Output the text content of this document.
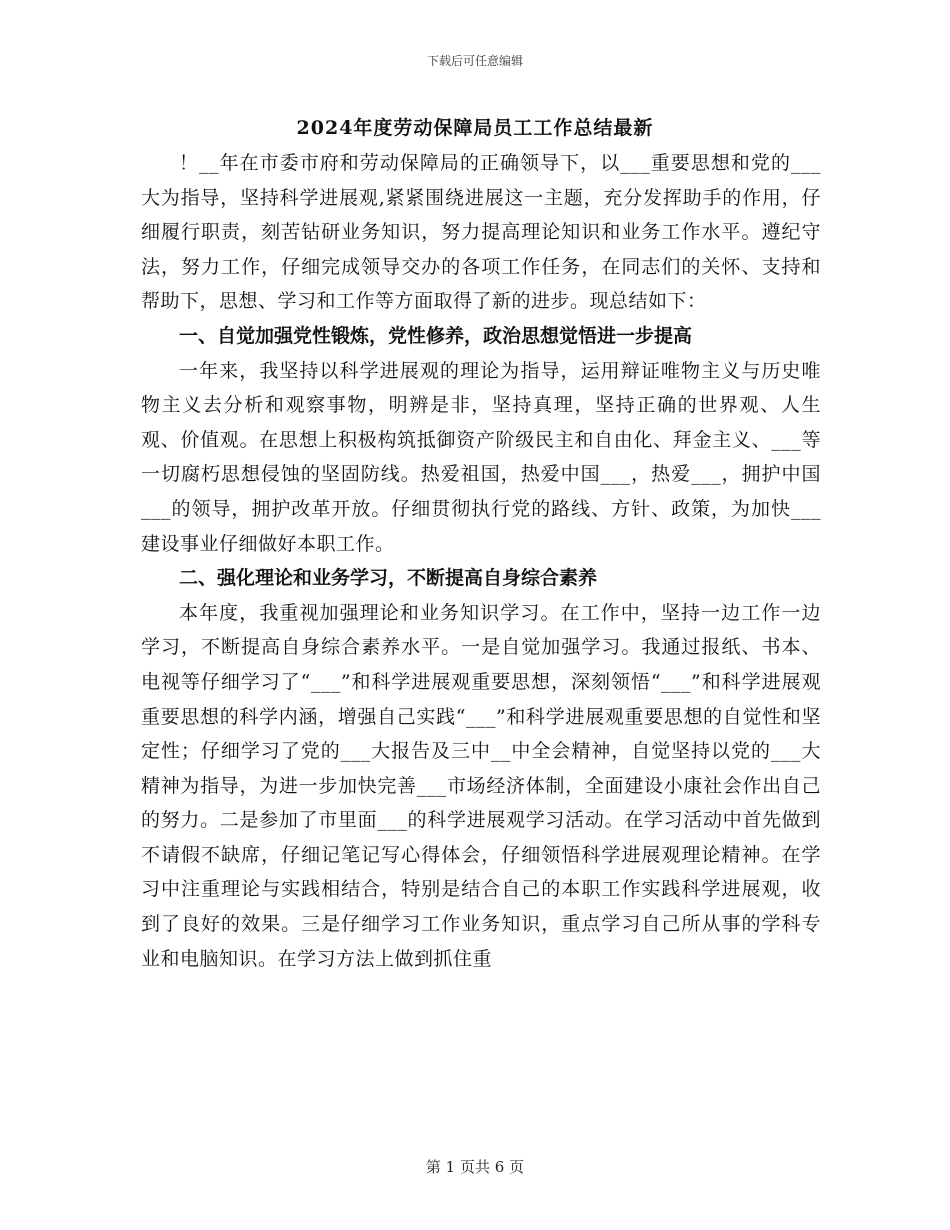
下载后可任意编辑
2024年度劳动保障局员工工作总结最新

！__年在市委市府和劳动保障局的正确领导下，以___重要思想和党的___大为指导，坚持科学进展观,紧紧围绕进展这一主题，充分发挥助手的作用，仔细履行职责，刻苦钻研业务知识，努力提高理论知识和业务工作水平。遵纪守法，努力工作，仔细完成领导交办的各项工作任务，在同志们的关怀、支持和帮助下，思想、学习和工作等方面取得了新的进步。现总结如下：

一、自觉加强党性锻炼，党性修养，政治思想觉悟进一步提高

一年来，我坚持以科学进展观的理论为指导，运用辩证唯物主义与历史唯物主义去分析和观察事物，明辨是非，坚持真理，坚持正确的世界观、人生观、价值观。在思想上积极构筑抵御资产阶级民主和自由化、拜金主义、___等一切腐朽思想侵蚀的坚固防线。热爱祖国，热爱中国___，热爱___，拥护中国___的领导，拥护改革开放。仔细贯彻执行党的路线、方针、政策，为加快___建设事业仔细做好本职工作。

二、强化理论和业务学习，不断提高自身综合素养

本年度，我重视加强理论和业务知识学习。在工作中，坚持一边工作一边学习，不断提高自身综合素养水平。一是自觉加强学习。我通过报纸、书本、电视等仔细学习了“___”和科学进展观重要思想，深刻领悟“___”和科学进展观重要思想的科学内涵，增强自己实践“___”和科学进展观重要思想的自觉性和坚定性；仔细学习了党的___大报告及三中__中全会精神，自觉坚持以党的___大精神为指导，为进一步加快完善___市场经济体制，全面建设小康社会作出自己的努力。二是参加了市里面___的科学进展观学习活动。在学习活动中首先做到不请假不缺席，仔细记笔记写心得体会，仔细领悟科学进展观理论精神。在学习中注重理论与实践相结合，特别是结合自己的本职工作实践科学进展观，收到了良好的效果。三是仔细学习工作业务知识，重点学习自己所从事的学科专业和电脑知识。在学习方法上做到抓住重

第 1 页共 6 页
